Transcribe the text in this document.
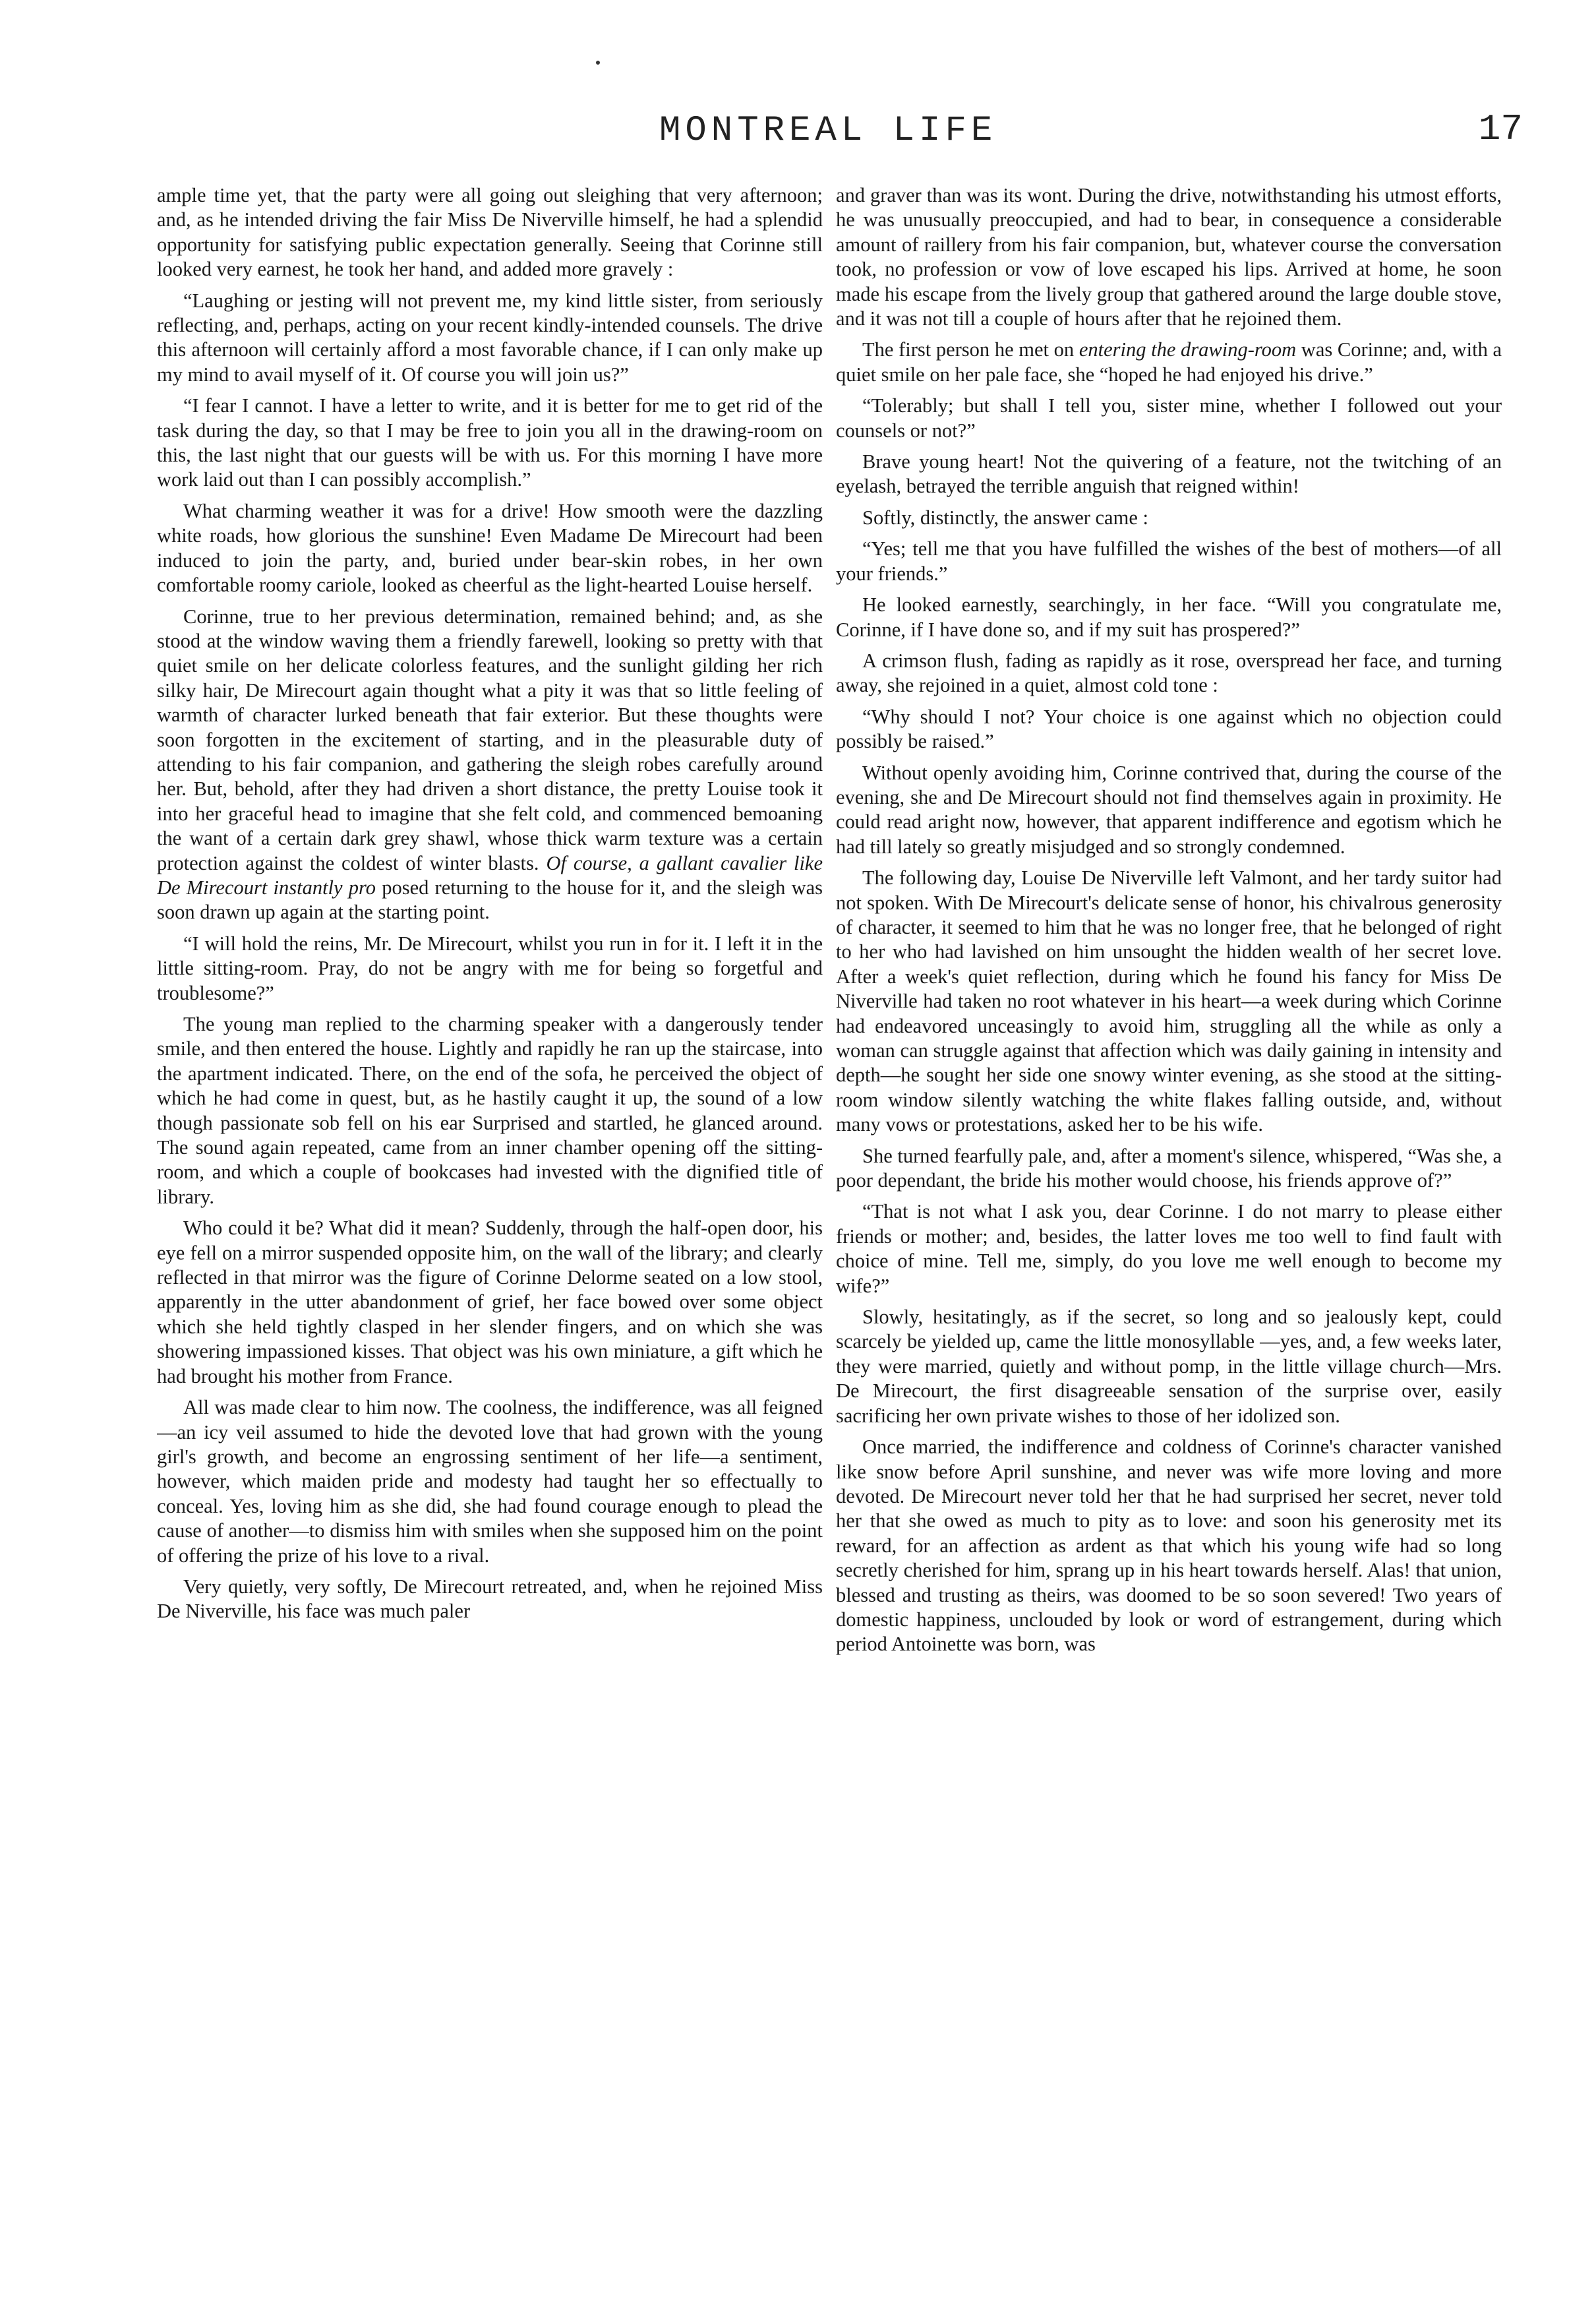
MONTREAL LIFE	17

ample time yet, that the party were all going out sleighing that very afternoon; and, as he intended driving the fair Miss De Niverville himself, he had a splendid opportunity for satisfying public expectation generally. Seeing that Corinne still looked very earnest, he took her hand, and added more gravely :

“Laughing or jesting will not prevent me, my kind little sister, from seriously reflecting, and, perhaps, acting on your recent kindly-intended counsels. The drive this afternoon will certainly afford a most favorable chance, if I can only make up my mind to avail myself of it. Of course you will join us?”

“I fear I cannot. I have a letter to write, and it is better for me to get rid of the task during the day, so that I may be free to join you all in the drawing-room on this, the last night that our guests will be with us. For this morning I have more work laid out than I can possibly accomplish.”

What charming weather it was for a drive! How smooth were the dazzling white roads, how glorious the sunshine! Even Madame De Mirecourt had been induced to join the party, and, buried under bear-skin robes, in her own comfortable roomy cariole, looked as cheerful as the light-hearted Louise herself.

Corinne, true to her previous determination, remained behind; and, as she stood at the window waving them a friendly farewell, looking so pretty with that quiet smile on her delicate colorless features, and the sunlight gilding her rich silky hair, De Mirecourt again thought what a pity it was that so little feeling of warmth of character lurked beneath that fair exterior. But these thoughts were soon forgotten in the excitement of starting, and in the pleasurable duty of attending to his fair companion, and gathering the sleigh robes carefully around her. But, behold, after they had driven a short distance, the pretty Louise took it into her graceful head to imagine that she felt cold, and commenced bemoaning the want of a certain dark grey shawl, whose thick warm texture was a certain protection against the coldest of winter blasts. Of course, a gallant cavalier like De Mirecourt instantly pro posed returning to the house for it, and the sleigh was soon drawn up again at the starting point.

“I will hold the reins, Mr. De Mirecourt, whilst you run in for it. I left it in the little sitting-room. Pray, do not be angry with me for being so forgetful and troublesome?”

The young man replied to the charming speaker with a dangerously tender smile, and then entered the house. Lightly and rapidly he ran up the staircase, into the apartment indicated. There, on the end of the sofa, he perceived the object of which he had come in quest, but, as he hastily caught it up, the sound of a low though passionate sob fell on his ear Surprised and startled, he glanced around. The sound again repeated, came from an inner chamber opening off the sitting-room, and which a couple of bookcases had invested with the dignified title of library.

Who could it be? What did it mean? Suddenly, through the half-open door, his eye fell on a mirror suspended opposite him, on the wall of the library; and clearly reflected in that mirror was the figure of Corinne Delorme seated on a low stool, apparently in the utter abandonment of grief, her face bowed over some object which she held tightly clasped in her slender fingers, and on which she was showering impassioned kisses. That object was his own miniature, a gift which he had brought his mother from France.

All was made clear to him now. The coolness, the indifference, was all feigned—an icy veil assumed to hide the devoted love that had grown with the young girl's growth, and become an engrossing sentiment of her life—a sentiment, however, which maiden pride and modesty had taught her so effectually to conceal. Yes, loving him as she did, she had found courage enough to plead the cause of another—to dismiss him with smiles when she supposed him on the point of offering the prize of his love to a rival.

Very quietly, very softly, De Mirecourt retreated, and, when he rejoined Miss De Niverville, his face was much paler

and graver than was its wont. During the drive, notwithstanding his utmost efforts, he was unusually preoccupied, and had to bear, in consequence a considerable amount of raillery from his fair companion, but, whatever course the conversation took, no profession or vow of love escaped his lips. Arrived at home, he soon made his escape from the lively group that gathered around the large double stove, and it was not till a couple of hours after that he rejoined them.

The first person he met on entering the drawing-room was Corinne; and, with a quiet smile on her pale face, she “hoped he had enjoyed his drive.”

“Tolerably; but shall I tell you, sister mine, whether I followed out your counsels or not?”

Brave young heart! Not the quivering of a feature, not the twitching of an eyelash, betrayed the terrible anguish that reigned within!

Softly, distinctly, the answer came :

“Yes; tell me that you have fulfilled the wishes of the best of mothers—of all your friends.”

He looked earnestly, searchingly, in her face. “Will you congratulate me, Corinne, if I have done so, and if my suit has prospered?”

A crimson flush, fading as rapidly as it rose, overspread her face, and turning away, she rejoined in a quiet, almost cold tone :

“Why should I not? Your choice is one against which no objection could possibly be raised.”

Without openly avoiding him, Corinne contrived that, during the course of the evening, she and De Mirecourt should not find themselves again in proximity. He could read aright now, however, that apparent indifference and egotism which he had till lately so greatly misjudged and so strongly condemned.

The following day, Louise De Niverville left Valmont, and her tardy suitor had not spoken. With De Mirecourt's delicate sense of honor, his chivalrous generosity of character, it seemed to him that he was no longer free, that he belonged of right to her who had lavished on him unsought the hidden wealth of her secret love. After a week's quiet reflection, during which he found his fancy for Miss De Niverville had taken no root whatever in his heart—a week during which Corinne had endeavored unceasingly to avoid him, struggling all the while as only a woman can struggle against that affection which was daily gaining in intensity and depth—he sought her side one snowy winter evening, as she stood at the sitting-room window silently watching the white flakes falling outside, and, without many vows or protestations, asked her to be his wife.

She turned fearfully pale, and, after a moment's silence, whispered, “Was she, a poor dependant, the bride his mother would choose, his friends approve of?”

“That is not what I ask you, dear Corinne. I do not marry to please either friends or mother; and, besides, the latter loves me too well to find fault with choice of mine. Tell me, simply, do you love me well enough to become my wife?”

Slowly, hesitatingly, as if the secret, so long and so jealously kept, could scarcely be yielded up, came the little monosyllable —yes, and, a few weeks later, they were married, quietly and without pomp, in the little village church—Mrs. De Mirecourt, the first disagreeable sensation of the surprise over, easily sacrificing her own private wishes to those of her idolized son.

Once married, the indifference and coldness of Corinne's character vanished like snow before April sunshine, and never was wife more loving and more devoted. De Mirecourt never told her that he had surprised her secret, never told her that she owed as much to pity as to love: and soon his generosity met its reward, for an affection as ardent as that which his young wife had so long secretly cherished for him, sprang up in his heart towards herself. Alas! that union, blessed and trusting as theirs, was doomed to be so soon severed! Two years of domestic happiness, unclouded by look or word of estrangement, during which period Antoinette was born, was
